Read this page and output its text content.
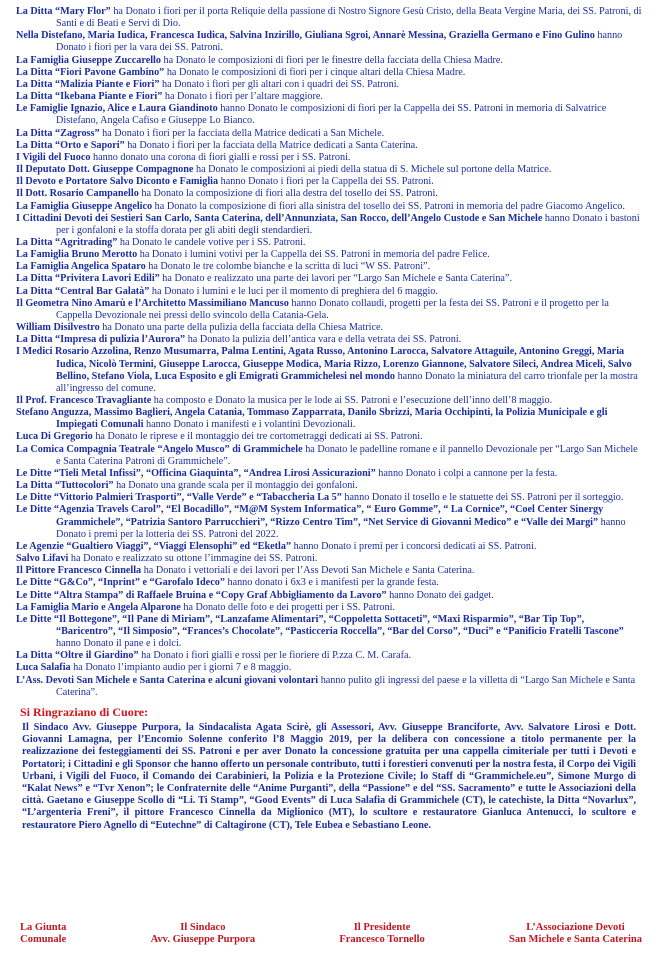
La Ditta “Mary Flor” ha Donato i fiori per il porta Reliquie della passione di Nostro Signore Gesù Cristo, della Beata Vergine Maria, dei SS. Patroni, di Santi e di Beati e Servi di Dio.

Nella Distefano, Maria Iudica, Francesca Iudica, Salvina Inzirillo, Giuliana Sgroi, Annarè Messina, Graziella Germano e Fino Gulino hanno Donato i fiori per la vara dei SS. Patroni.

La Famiglia Giuseppe Zuccarello ha Donato le composizioni di fiori per le finestre della facciata della Chiesa Madre.

La Ditta “Fiori Pavone Gambino” ha Donato le composizioni di fiori per i cinque altari della Chiesa Madre.

La Ditta “Malizia Piante e Fiori” ha Donato i fiori per gli altari con i quadri dei SS. Patroni.

La Ditta “Ikebana Piante e Fiori” ha Donato i fiori per l’altare maggiore.

Le Famiglie Ignazio, Alice e Laura Giandinoto hanno Donato le composizioni di fiori per la Cappella dei SS. Patroni in memoria di Salvatrice Distefano, Angela Cafiso e Giuseppe Lo Bianco.

La Ditta “Zagross” ha Donato i fiori per la facciata della Matrice dedicati a San Michele.

La Ditta “Orto e Sapori” ha Donato i fiori per la facciata della Matrice dedicati a Santa Caterina.

I Vigili del Fuoco hanno donato una corona di fiori gialli e rossi per i SS. Patroni.

Il Deputato Dott. Giuseppe Compagnone ha Donato le composizioni ai piedi della statua di S. Michele sul portone della Matrice.

Il Devoto e Portatore Salvo Diconto e Famiglia hanno Donato i fiori per la Cappella dei SS. Patroni.

Il Dott. Rosario Campanello ha Donato la composizione di fiori alla destra del tosello dei SS. Patroni.

La Famiglia Giuseppe Angelico ha Donato la composizione di fiori alla sinistra del tosello dei SS. Patroni in memoria del padre Giacomo Angelico.

I Cittadini Devoti dei Sestieri San Carlo, Santa Caterina, dell’Annunziata, San Rocco, dell’Angelo Custode e San Michele hanno Donato i bastoni per i gonfaloni e la stoffa dorata per gli abiti degli stendardieri.

La Ditta “Agritrading” ha Donato le candele votive per i SS. Patroni.

La Famiglia Bruno Merotto ha Donato i lumini votivi per la Cappella dei SS. Patroni in memoria del padre Felice.

La Famiglia Angelica Spataro ha Donato le tre colombe bianche e la scritta di luci “W SS. Patroni”.

La Ditta “Privitera Lavori Edili” ha Donato e realizzato una parte dei lavori per “Largo San Michele e Santa Caterina”.

La Ditta “Central Bar Galatà” ha Donato i lumini e le luci per il momento di preghiera del 6 maggio.

Il Geometra Nino Amarù e l’Architetto Massimiliano Mancuso hanno Donato collaudi, progetti per la festa dei SS. Patroni e il progetto per la Cappella Devozionale nei pressi dello svincolo della Catania-Gela.

William Disilvestro ha Donato una parte della pulizia della facciata della Chiesa Matrice.

La Ditta “Impresa di pulizia l’Aurora” ha Donato la pulizia dell’antica vara e della vetrata dei SS. Patroni.

I Medici Rosario Azzolina, Renzo Musumarra, Palma Lentini, Agata Russo, Antonino Larocca, Salvatore Attaguile, Antonino Greggi, Maria Iudica, Nicolò Termini, Giuseppe Larocca, Giuseppe Modica, Maria Rizzo, Lorenzo Giannone, Salvatore Sileci, Andrea Miceli, Salvo Bellino, Stefano Viola, Luca Esposito e gli Emigrati Grammichelesi nel mondo hanno Donato la miniatura del carro trionfale per la mostra all’ingresso del comune.

Il Prof. Francesco Travagliante ha composto e Donato la musica per le lode ai SS. Patroni e l’esecuzione dell’inno dell’8 maggio.

Stefano Anguzza, Massimo Baglieri, Angela Catania, Tommaso Zapparrata, Danilo Sbrizzi, Maria Occhipinti, la Polizia Municipale e gli Impiegati Comunali hanno Donato i manifesti e i volantini Devozionali.

Luca Di Gregorio ha Donato le riprese e il montaggio dei tre cortometraggi dedicati ai SS. Patroni.

La Comica Compagnia Teatrale “Angelo Musco” di Grammichele ha Donato le padelline romane e il pannello Devozionale per “Largo San Michele e Santa Caterina Patroni di Grammichele”.

Le Ditte “Tieli Metal Infissi”, “Officina Giaquinta”, “Andrea Lirosi Assicurazioni” hanno Donato i colpi a cannone per la festa.

La Ditta “Tuttocolori” ha Donato una grande scala per il montaggio dei gonfaloni.

Le Ditte “Vittorio Palmieri Trasporti”, “Valle Verde” e “Tabaccheria La 5” hanno Donato il tosello e le statuette dei SS. Patroni per il sorteggio.

Le Ditte “Agenzia Travels Carol”, “El Bocadillo”, “M@M System Informatica”, “ Euro Gomme”, “ La Cornice”, “Coel Center Sinergy Grammichele”, “Patrizia Santoro Parrucchieri”, “Rizzo Centro Tim”, “Net Service di Giovanni Medico” e “Valle dei Margi” hanno Donato i premi per la lotteria dei SS. Patroni del 2022.

Le Agenzie “Gualtiero Viaggi”, “Viaggi Elensophi” ed “Eketla” hanno Donato i premi per i concorsi dedicati ai SS. Patroni.

Salvo Lifavi ha Donato e realizzato su ottone l’immagine dei SS. Patroni.

Il Pittore Francesco Cinnella ha Donato i vettoriali e dei lavori per l’Ass Devoti San Michele e Santa Caterina.

Le Ditte “G&Co”, “Inprint” e “Garofalo Ideco” hanno donato i 6x3 e i manifesti per la grande festa.

Le Ditte “Altra Stampa” di Raffaele Bruina e “Copy Graf Abbigliamento da Lavoro” hanno Donato dei gadget.

La Famiglia Mario e Angela Alparone ha Donato delle foto e dei progetti per i SS. Patroni.

Le Ditte “Il Bottegone”, “Il Pane di Miriam”, “Lanzafame Alimentari”, “Coppoletta Sottaceti”, “Maxi Risparmio”, “Bar Tip Top”, “Baricentro”, “Il Simposio”, “Frances’s Chocolate”, “Pasticceria Roccella”, “Bar del Corso”, “Duci” e “Panificio Fratelli Tascone” hanno Donato il pane e i dolci.

La Ditta “Oltre il Giardino” ha Donato i fiori gialli e rossi per le fioriere di P.zza C. M. Carafa.

Luca Salafia ha Donato l’impianto audio per i giorni 7 e 8 maggio.

L’Ass. Devoti San Michele e Santa Caterina e alcuni giovani volontari hanno pulito gli ingressi del paese e la villetta di “Largo San Michele e Santa Caterina”.

Si Ringraziano di Cuore:

Il Sindaco Avv. Giuseppe Purpora, la Sindacalista Agata Scirè, gli Assessori, Avv. Giuseppe Branciforte, Avv. Salvatore Lirosi e Dott. Giovanni Lamagna, per l’Encomio Solenne conferito l’8 Maggio 2019, per la delibera con concessione a titolo permanente per la realizzazione dei festeggiamenti dei SS. Patroni e per aver Donato la concessione gratuita per una cappella cimiteriale per tutti i Devoti e Portatori; i Cittadini e gli Sponsor che hanno offerto un personale contributo, tutti i forestieri convenuti per la nostra festa, il Corpo dei Vigili Urbani, i Vigili del Fuoco, il Comando dei Carabinieri, la Polizia e la Protezione Civile; lo Staff di “Grammichele.eu”, Simone Murgo di “Kalat News” e “Tvr Xenon”; le Confraternite delle “Anime Purganti”, della “Passione” e del “SS. Sacramento” e tutte le Associazioni della città. Gaetano e Giuseppe Scollo di “Li. Ti Stamp”, “Good Events” di Luca Salafia di Grammichele (CT), le catechiste, la Ditta “Novarlux”, “L’argenteria Freni”, il pittore Francesco Cinnella da Miglionico (MT), lo scultore e restauratore Gianluca Antenucci, lo scultore e restauratore Piero Agnello di “Eutechne” di Caltagirone (CT), Tele Eubea e Sebastiano Leone.

La Giunta
Comunale
Il Sindaco
Avv. Giuseppe Purpora
Il Presidente
Francesco Tornello
L’Associazione Devoti
San Michele e Santa Caterina
